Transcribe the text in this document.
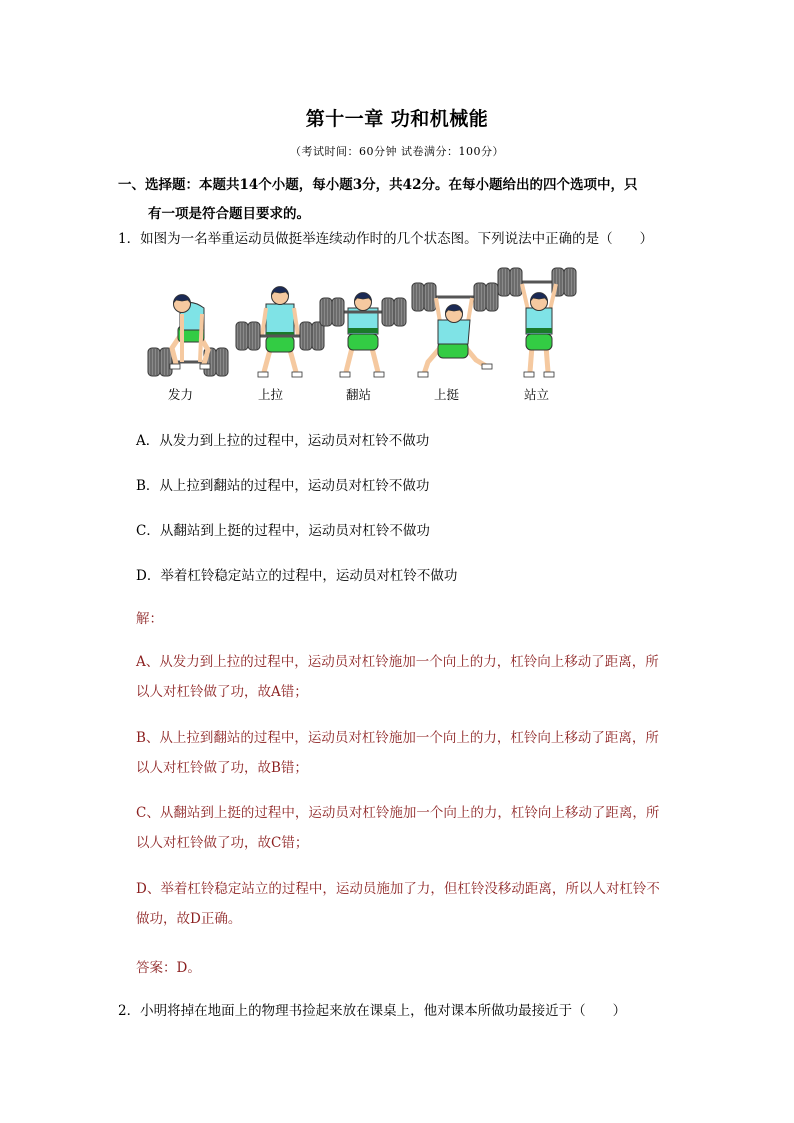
第十一章 功和机械能
（考试时间：60分钟 试卷满分：100分）
一、选择题：本题共14个小题，每小题3分，共42分。在每小题给出的四个选项中，只
有一项是符合题目要求的。
1．如图为一名举重运动员做挺举连续动作时的几个状态图。下列说法中正确的是（　　）
发力	上拉	翻站	上挺	站立
A．从发力到上拉的过程中，运动员对杠铃不做功
B．从上拉到翻站的过程中，运动员对杠铃不做功
C．从翻站到上挺的过程中，运动员对杠铃不做功
D．举着杠铃稳定站立的过程中，运动员对杠铃不做功
解：
A、从发力到上拉的过程中，运动员对杠铃施加一个向上的力，杠铃向上移动了距离，所
以人对杠铃做了功，故A错；
B、从上拉到翻站的过程中，运动员对杠铃施加一个向上的力，杠铃向上移动了距离，所
以人对杠铃做了功，故B错；
C、从翻站到上挺的过程中，运动员对杠铃施加一个向上的力，杠铃向上移动了距离，所
以人对杠铃做了功，故C错；
D、举着杠铃稳定站立的过程中，运动员施加了力，但杠铃没移动距离，所以人对杠铃不
做功，故D正确。
答案：D。
2．小明将掉在地面上的物理书捡起来放在课桌上，他对课本所做功最接近于（　　）
